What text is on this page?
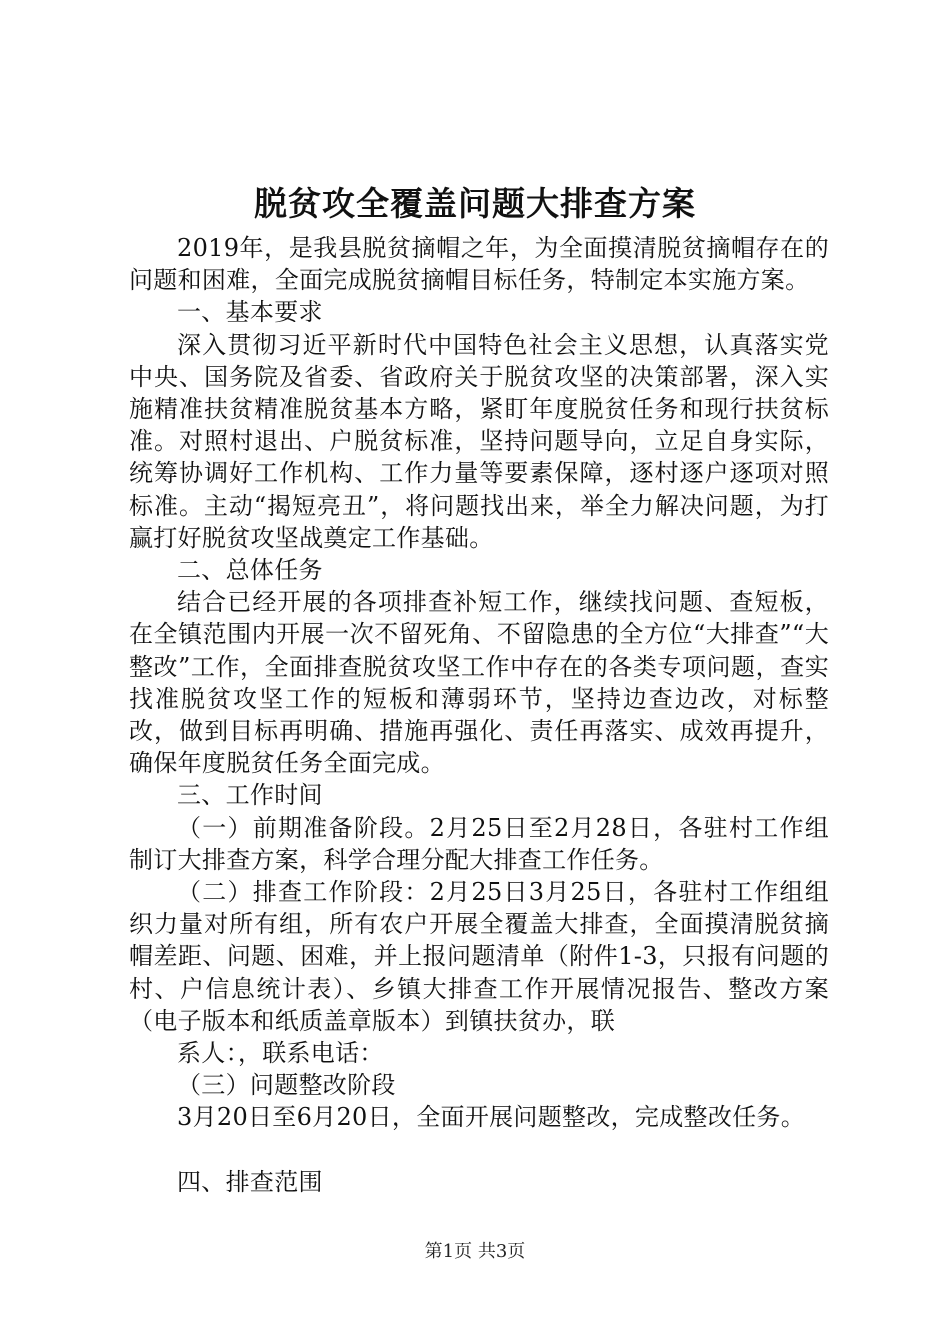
脱贫攻全覆盖问题大排查方案

2019年，是我县脱贫摘帽之年，为全面摸清脱贫摘帽存在的问题和困难，全面完成脱贫摘帽目标任务，特制定本实施方案。

一、基本要求

深入贯彻习近平新时代中国特色社会主义思想，认真落实党中央、国务院及省委、省政府关于脱贫攻坚的决策部署，深入实施精准扶贫精准脱贫基本方略，紧盯年度脱贫任务和现行扶贫标准。对照村退出、户脱贫标准，坚持问题导向，立足自身实际，统筹协调好工作机构、工作力量等要素保障，逐村逐户逐项对照标准。主动“揭短亮丑”，将问题找出来，举全力解决问题，为打赢打好脱贫攻坚战奠定工作基础。

二、总体任务

结合已经开展的各项排查补短工作，继续找问题、查短板，在全镇范围内开展一次不留死角、不留隐患的全方位“大排查”“大整改”工作，全面排查脱贫攻坚工作中存在的各类专项问题，查实找准脱贫攻坚工作的短板和薄弱环节，坚持边查边改，对标整改，做到目标再明确、措施再强化、责任再落实、成效再提升，确保年度脱贫任务全面完成。

三、工作时间

（一）前期准备阶段。2月25日至2月28日，各驻村工作组制订大排查方案，科学合理分配大排查工作任务。

（二）排查工作阶段：2月25日3月25日，各驻村工作组组织力量对所有组，所有农户开展全覆盖大排查，全面摸清脱贫摘帽差距、问题、困难，并上报问题清单（附件1-3，只报有问题的村、户信息统计表）、乡镇大排查工作开展情况报告、整改方案（电子版本和纸质盖章版本）到镇扶贫办，联

系人：，联系电话：

（三）问题整改阶段

3月20日至6月20日，全面开展问题整改，完成整改任务。

四、排查范围

第1页 共3页
